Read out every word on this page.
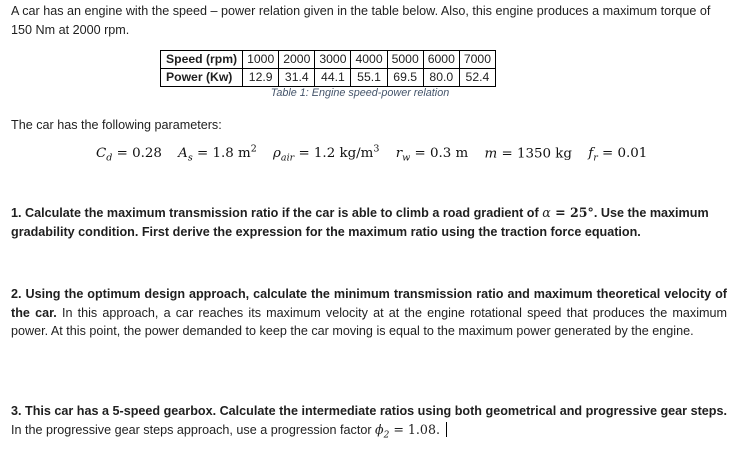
A car has an engine with the speed – power relation given in the table below. Also, this engine produces a maximum torque of 150 Nm at 2000 rpm.

Speed (rpm)	1000	2000	3000	4000	5000	6000	7000
Power (Kw)	12.9	31.4	44.1	55.1	69.5	80.0	52.4
Table 1: Engine speed-power relation

The car has the following parameters:

$C_d = 0.28$ $A_s = 1.8$ $m^2$ $\rho_{air} = 1.2$ $kg/m^3$ $r_w = 0.3$ m m = 1350 kg $f_r = 0.01$

1. Calculate the maximum transmission ratio if the car is able to climb a road gradient of α = 25°. Use the maximum gradability condition. First derive the expression for the maximum ratio using the traction force equation.

2. Using the optimum design approach, calculate the minimum transmission ratio and maximum theoretical velocity of the car. In this approach, a car reaches its maximum velocity at at the engine rotational speed that produces the maximum power. At this point, the power demanded to keep the car moving is equal to the maximum power generated by the engine.

3. This car has a 5-speed gearbox. Calculate the intermediate ratios using both geometrical and progressive gear steps. In the progressive gear steps approach, use a progression factor $\phi_2 = 1.08$.
